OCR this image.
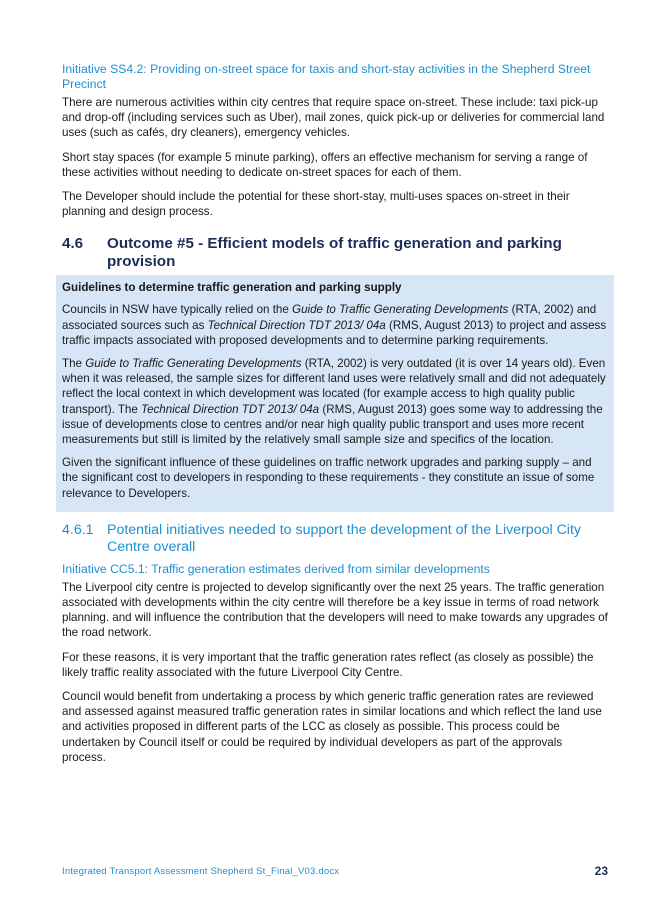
Initiative SS4.2: Providing on-street space for taxis and short-stay activities in the Shepherd Street Precinct

There are numerous activities within city centres that require space on-street. These include: taxi pick-up and drop-off (including services such as Uber), mail zones, quick pick-up or deliveries for commercial land uses (such as cafés, dry cleaners), emergency vehicles.

Short stay spaces (for example 5 minute parking), offers an effective mechanism for serving a range of these activities without needing to dedicate on-street spaces for each of them.

The Developer should include the potential for these short-stay, multi-uses spaces on-street in their planning and design process.

4.6	Outcome #5 - Efficient models of traffic generation and parking provision
Guidelines to determine traffic generation and parking supply

Councils in NSW have typically relied on the Guide to Traffic Generating Developments (RTA, 2002) and associated sources such as Technical Direction TDT 2013/ 04a (RMS, August 2013) to project and assess traffic impacts associated with proposed developments and to determine parking requirements.

The Guide to Traffic Generating Developments (RTA, 2002) is very outdated (it is over 14 years old). Even when it was released, the sample sizes for different land uses were relatively small and did not adequately reflect the local context in which development was located (for example access to high quality public transport). The Technical Direction TDT 2013/ 04a (RMS, August 2013) goes some way to addressing the issue of developments close to centres and/or near high quality public transport and uses more recent measurements but still is limited by the relatively small sample size and specifics of the location.

Given the significant influence of these guidelines on traffic network upgrades and parking supply – and the significant cost to developers in responding to these requirements - they constitute an issue of some relevance to Developers.

4.6.1 Potential initiatives needed to support the development of the Liverpool City Centre overall
Initiative CC5.1: Traffic generation estimates derived from similar developments

The Liverpool city centre is projected to develop significantly over the next 25 years. The traffic generation associated with developments within the city centre will therefore be a key issue in terms of road network planning. and will influence the contribution that the developers will need to make towards any upgrades of the road network.

For these reasons, it is very important that the traffic generation rates reflect (as closely as possible) the likely traffic reality associated with the future Liverpool City Centre.

Council would benefit from undertaking a process by which generic traffic generation rates are reviewed and assessed against measured traffic generation rates in similar locations and which reflect the land use and activities proposed in different parts of the LCC as closely as possible. This process could be undertaken by Council itself or could be required by individual developers as part of the approvals process.

Integrated Transport Assessment Shepherd St_Final_V03.docx	23
